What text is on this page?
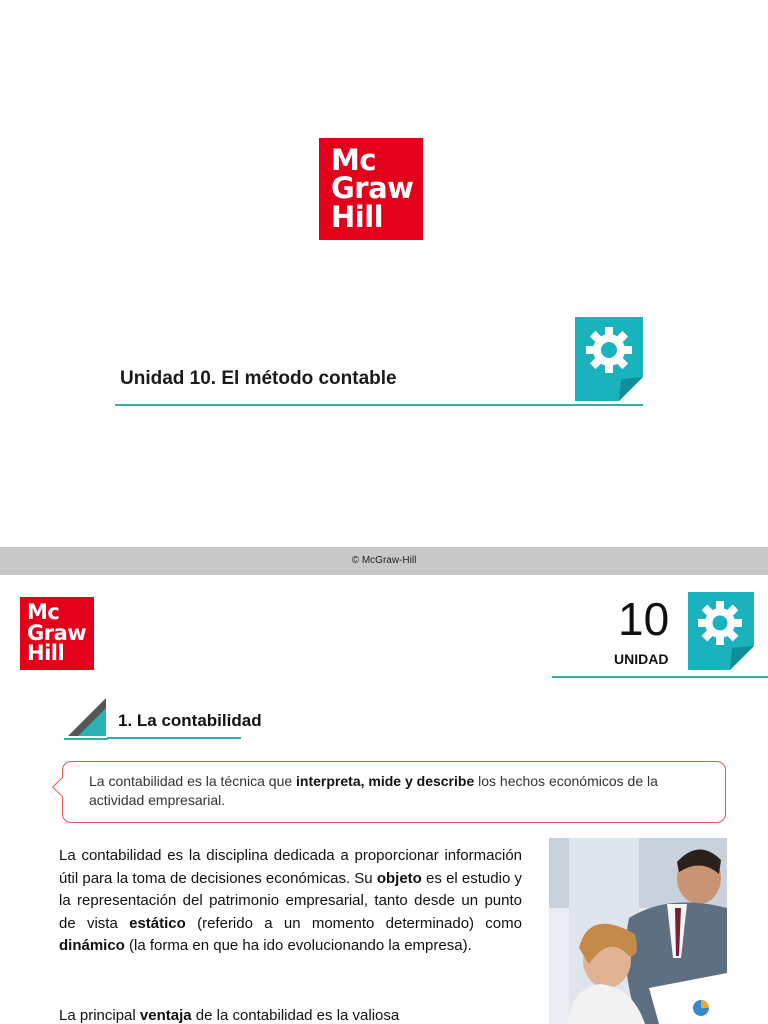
Mc
Graw
Hill
Unidad 10. El método contable
© McGraw-Hill
Mc
Graw
Hill
10
UNIDAD
1. La contabilidad
La contabilidad es la técnica que interpreta, mide y describe los hechos económicos de la actividad empresarial.
La contabilidad es la disciplina dedicada a proporcionar información útil para la toma de decisiones económicas. Su objeto es el estudio y la representación del patrimonio empresarial, tanto desde un punto de vista estático (referido a un momento determinado) como dinámico (la forma en que ha ido evolucionando la empresa).
La principal ventaja de la contabilidad es la valiosa
